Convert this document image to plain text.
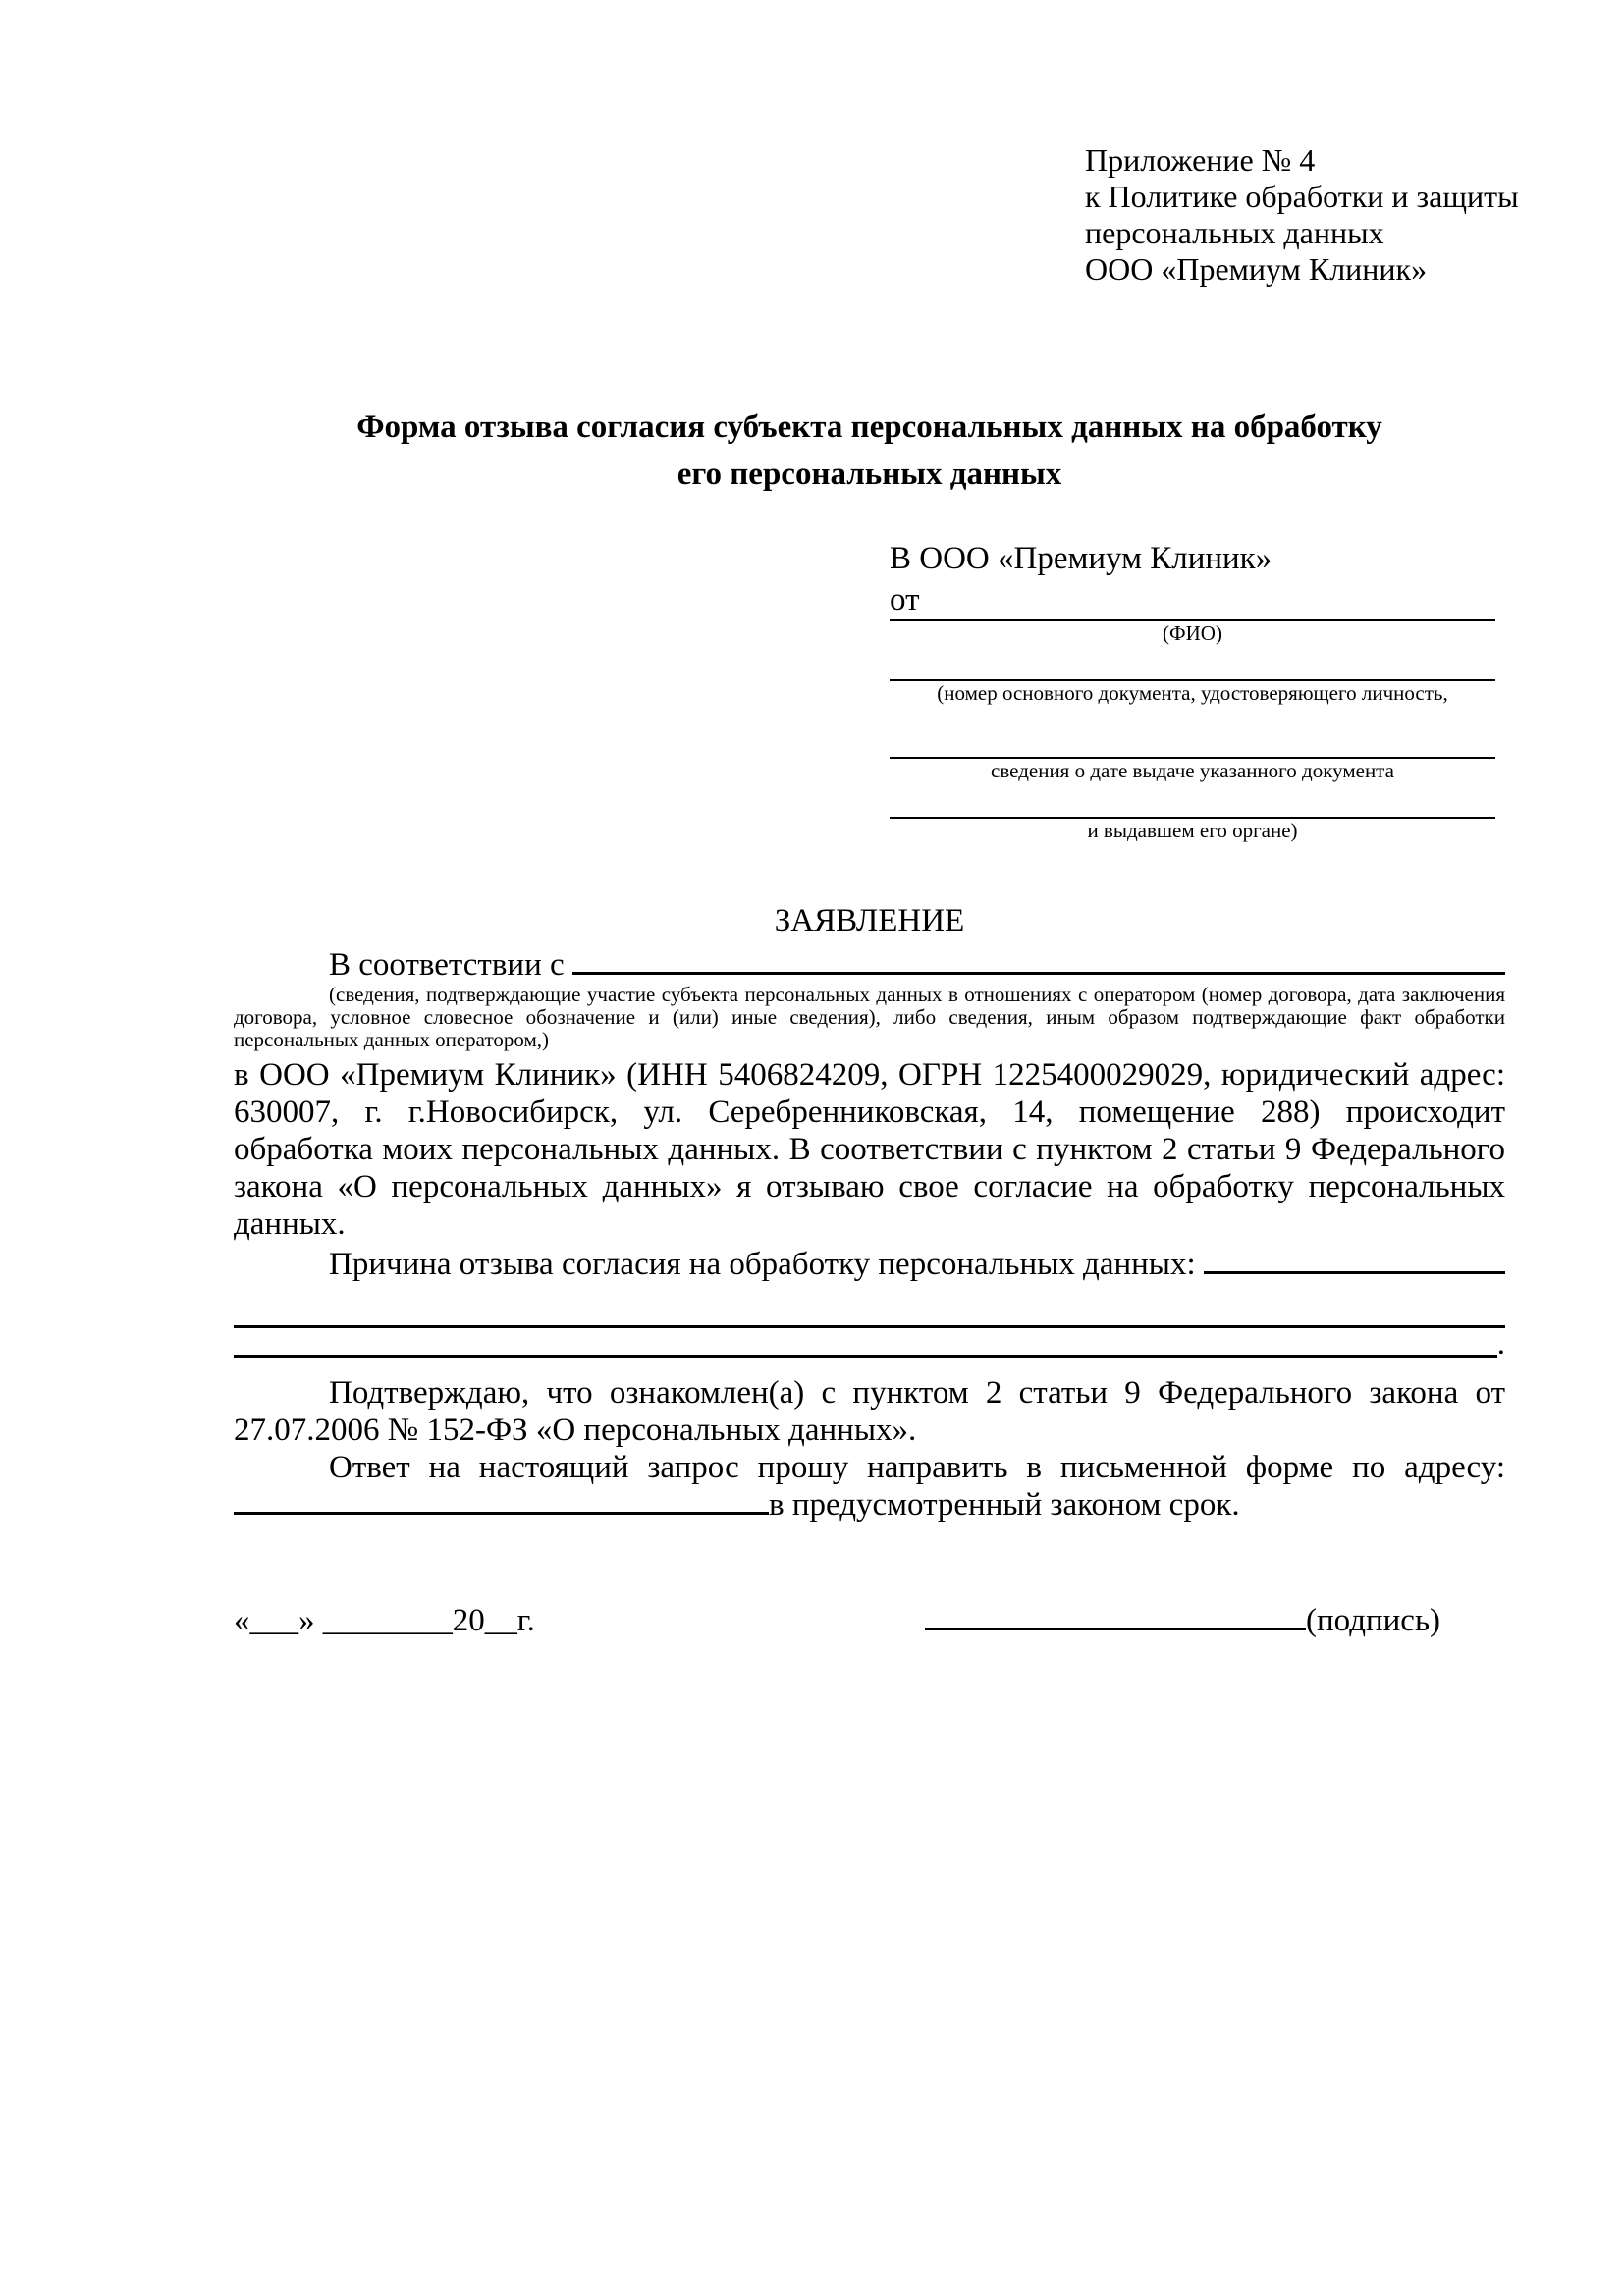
Приложение № 4
к Политике обработки и защиты
персональных данных
ООО «Премиум Клиник»
Форма отзыва согласия субъекта персональных данных на обработку
его персональных данных
В ООО «Премиум Клиник»
от
(ФИО)
(номер основного документа, удостоверяющего личность,
сведения о дате выдаче указанного документа
и выдавшем его органе)
ЗАЯВЛЕНИЕ
В соответствии с
(сведения, подтверждающие участие субъекта персональных данных в отношениях с оператором (номер договора, дата заключения договора, условное словесное обозначение и (или) иные сведения), либо сведения, иным образом подтверждающие факт обработки персональных данных оператором,)
в ООО «Премиум Клиник» (ИНН 5406824209, ОГРН 1225400029029, юридический адрес: 630007, г. г.Новосибирск, ул. Серебренниковская, 14, помещение 288) происходит обработка моих персональных данных. В соответствии с пунктом 2 статьи 9 Федерального закона «О персональных данных» я отзываю свое согласие на обработку персональных данных.
Причина отзыва согласия на обработку персональных данных:
.
Подтверждаю, что ознакомлен(а) с пунктом 2 статьи 9 Федерального закона от 27.07.2006 № 152-ФЗ «О персональных данных».
Ответ на настоящий запрос прошу направить в письменной форме по адресу:
в предусмотренный законом срок.
«___» ________20__г.	(подпись)
